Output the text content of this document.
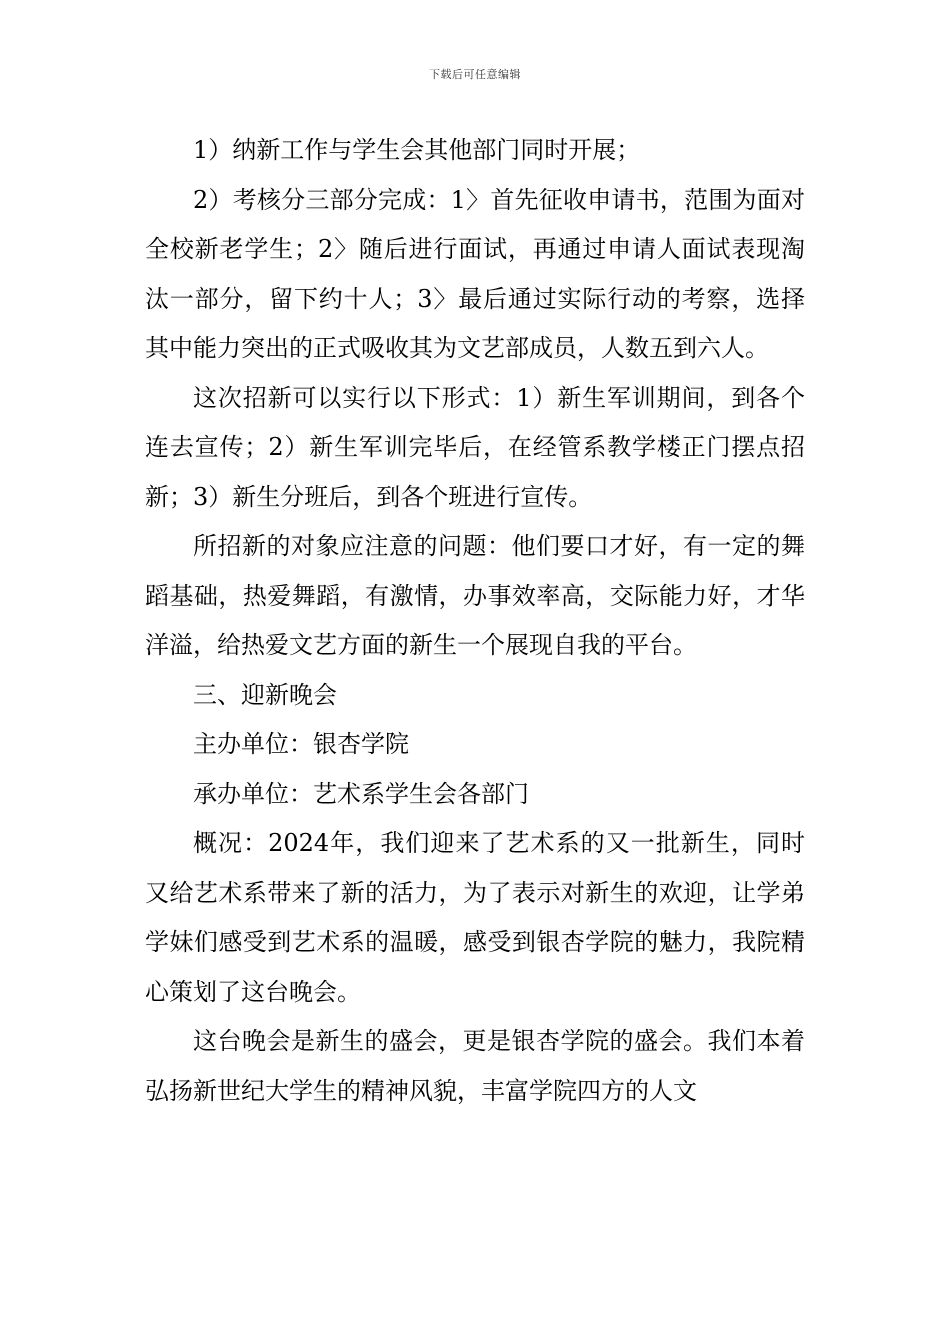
下载后可任意编辑

1）纳新工作与学生会其他部门同时开展；

2）考核分三部分完成：1〉首先征收申请书，范围为面对全校新老学生；2〉随后进行面试，再通过申请人面试表现淘汰一部分，留下约十人；3〉最后通过实际行动的考察，选择其中能力突出的正式吸收其为文艺部成员，人数五到六人。

这次招新可以实行以下形式：1）新生军训期间，到各个连去宣传；2）新生军训完毕后，在经管系教学楼正门摆点招新；3）新生分班后，到各个班进行宣传。

所招新的对象应注意的问题：他们要口才好，有一定的舞蹈基础，热爱舞蹈，有激情，办事效率高，交际能力好，才华洋溢，给热爱文艺方面的新生一个展现自我的平台。

三、迎新晚会

主办单位：银杏学院

承办单位：艺术系学生会各部门

概况：2024年，我们迎来了艺术系的又一批新生，同时又给艺术系带来了新的活力，为了表示对新生的欢迎，让学弟学妹们感受到艺术系的温暖，感受到银杏学院的魅力，我院精心策划了这台晚会。

这台晚会是新生的盛会，更是银杏学院的盛会。我们本着弘扬新世纪大学生的精神风貌，丰富学院四方的人文
